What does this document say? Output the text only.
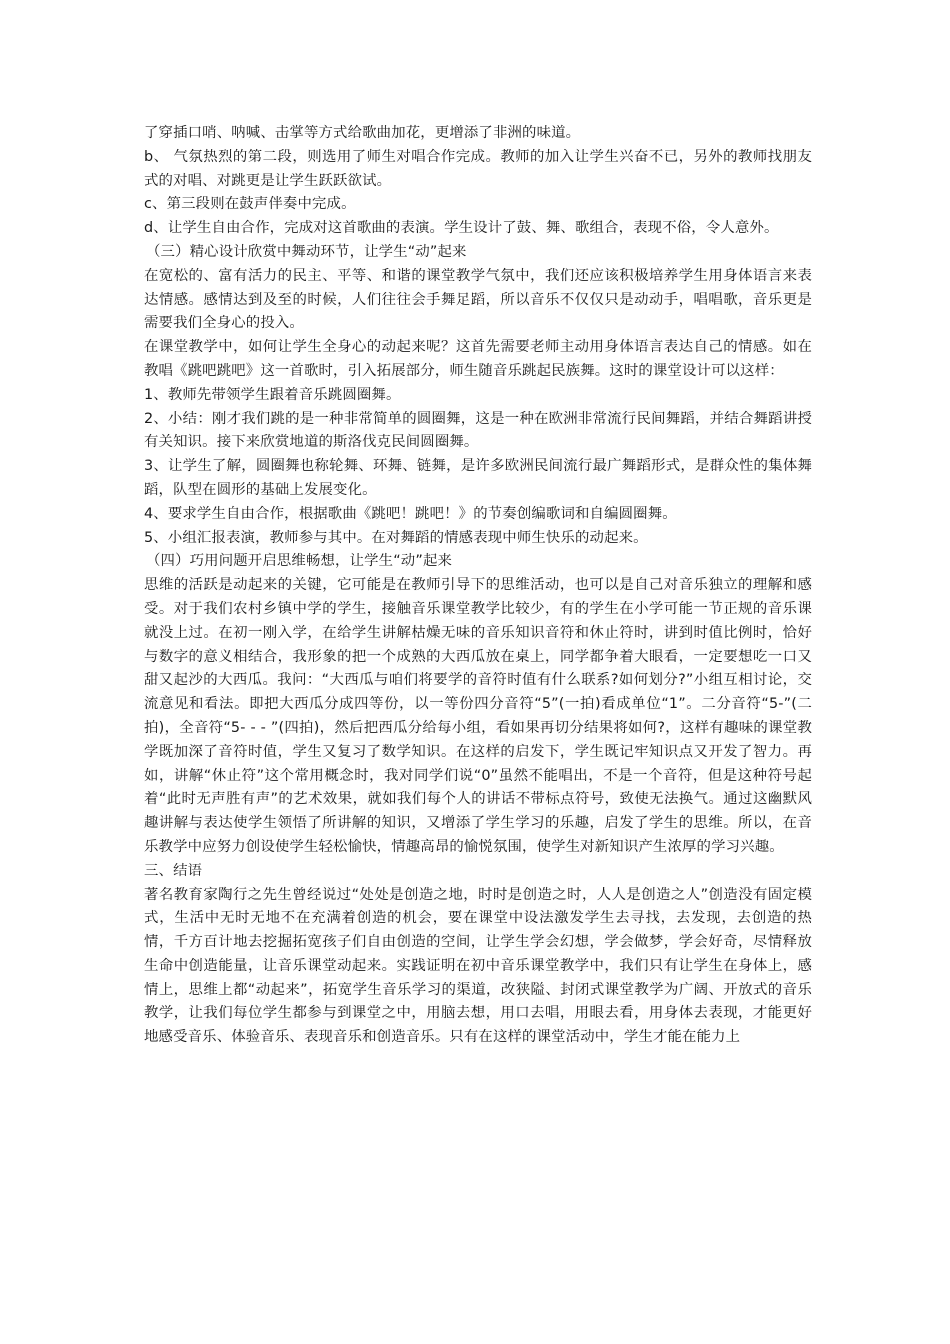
了穿插口哨、呐喊、击掌等方式给歌曲加花，更增添了非洲的味道。

b、 气氛热烈的第二段，则选用了师生对唱合作完成。教师的加入让学生兴奋不已，另外的教师找朋友式的对唱、对跳更是让学生跃跃欲试。

c、第三段则在鼓声伴奏中完成。

d、让学生自由合作，完成对这首歌曲的表演。学生设计了鼓、舞、歌组合，表现不俗，令人意外。

（三）精心设计欣赏中舞动环节，让学生“动”起来

在宽松的、富有活力的民主、平等、和谐的课堂教学气氛中，我们还应该积极培养学生用身体语言来表达情感。感情达到及至的时候，人们往往会手舞足蹈，所以音乐不仅仅只是动动手，唱唱歌，音乐更是需要我们全身心的投入。

在课堂教学中，如何让学生全身心的动起来呢？这首先需要老师主动用身体语言表达自己的情感。如在教唱《跳吧跳吧》这一首歌时，引入拓展部分，师生随音乐跳起民族舞。这时的课堂设计可以这样：

1、教师先带领学生跟着音乐跳圆圈舞。

2、小结：刚才我们跳的是一种非常简单的圆圈舞，这是一种在欧洲非常流行民间舞蹈，并结合舞蹈讲授有关知识。接下来欣赏地道的斯洛伐克民间圆圈舞。

3、让学生了解，圆圈舞也称轮舞、环舞、链舞，是许多欧洲民间流行最广舞蹈形式，是群众性的集体舞蹈，队型在圆形的基础上发展变化。

4、要求学生自由合作，根据歌曲《跳吧！跳吧！》的节奏创编歌词和自编圆圈舞。

5、小组汇报表演，教师参与其中。在对舞蹈的情感表现中师生快乐的动起来。

（四）巧用问题开启思维畅想，让学生“动”起来

思维的活跃是动起来的关键，它可能是在教师引导下的思维活动，也可以是自己对音乐独立的理解和感受。对于我们农村乡镇中学的学生，接触音乐课堂教学比较少，有的学生在小学可能一节正规的音乐课就没上过。在初一刚入学，在给学生讲解枯燥无味的音乐知识音符和休止符时，讲到时值比例时，恰好与数字的意义相结合，我形象的把一个成熟的大西瓜放在桌上，同学都争着大眼看，一定要想吃一口又甜又起沙的大西瓜。我问：“大西瓜与咱们将要学的音符时值有什么联系?如何划分?”小组互相讨论，交流意见和看法。即把大西瓜分成四等份，以一等份四分音符“5”(一拍)看成单位“1”。二分音符“5-”(二拍)，全音符“5- - - ”(四拍)，然后把西瓜分给每小组，看如果再切分结果将如何?，这样有趣味的课堂教学既加深了音符时值，学生又复习了数学知识。在这样的启发下，学生既记牢知识点又开发了智力。再如，讲解“休止符”这个常用概念时，我对同学们说“0”虽然不能唱出，不是一个音符，但是这种符号起着“此时无声胜有声”的艺术效果，就如我们每个人的讲话不带标点符号，致使无法换气。通过这幽默风趣讲解与表达使学生领悟了所讲解的知识，又增添了学生学习的乐趣，启发了学生的思维。所以，在音乐教学中应努力创设使学生轻松愉快，情趣高昂的愉悦氛围，使学生对新知识产生浓厚的学习兴趣。

三、结语

著名教育家陶行之先生曾经说过“处处是创造之地，时时是创造之时，人人是创造之人”创造没有固定模式，生活中无时无地不在充满着创造的机会，要在课堂中设法激发学生去寻找，去发现，去创造的热情，千方百计地去挖掘拓宽孩子们自由创造的空间，让学生学会幻想，学会做梦，学会好奇，尽情释放生命中创造能量，让音乐课堂动起来。实践证明在初中音乐课堂教学中，我们只有让学生在身体上，感情上，思维上都“动起来”，拓宽学生音乐学习的渠道，改狭隘、封闭式课堂教学为广阔、开放式的音乐教学，让我们每位学生都参与到课堂之中，用脑去想，用口去唱，用眼去看，用身体去表现，才能更好地感受音乐、体验音乐、表现音乐和创造音乐。只有在这样的课堂活动中，学生才能在能力上
